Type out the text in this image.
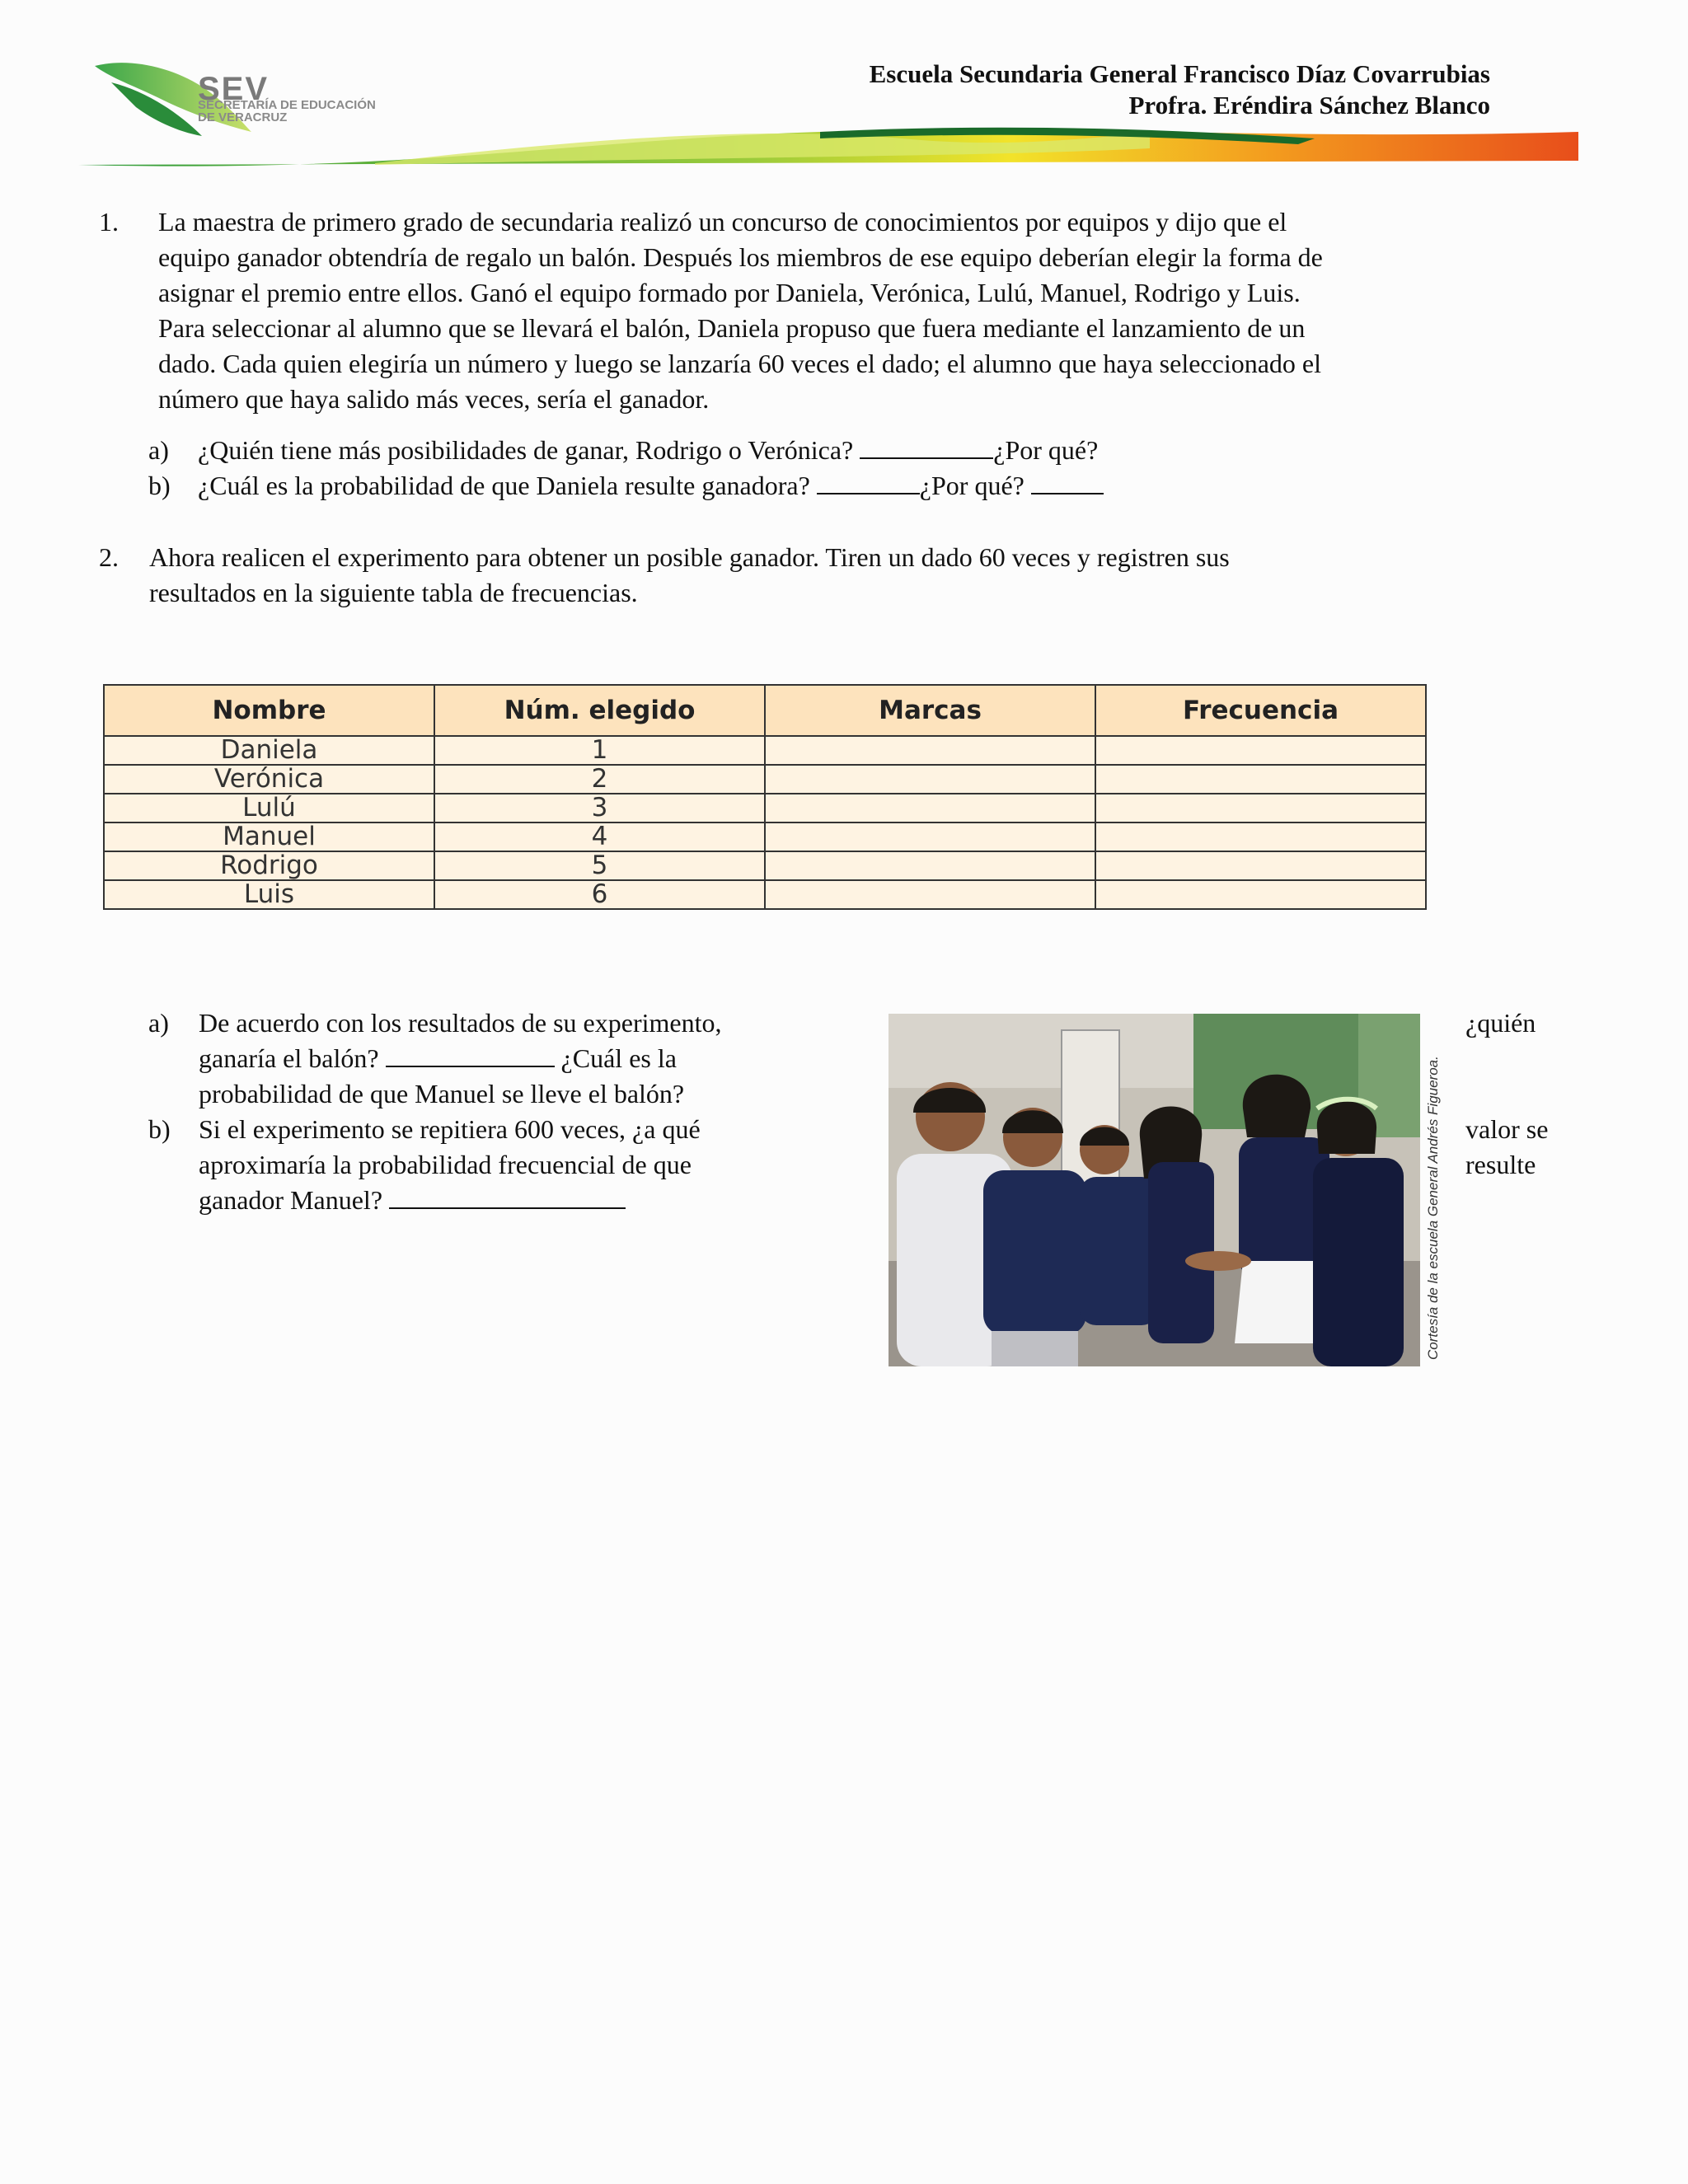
SEV
SECRETARÍA DE EDUCACIÓN
DE VERACRUZ
Escuela Secundaria General Francisco Díaz Covarrubias
Profra. Eréndira Sánchez Blanco
1. La maestra de primero grado de secundaria realizó un concurso de conocimientos por equipos y dijo que el
equipo ganador obtendría de regalo un balón. Después los miembros de ese equipo deberían elegir la forma de
asignar el premio entre ellos. Ganó el equipo formado por Daniela, Verónica, Lulú, Manuel, Rodrigo y Luis.
Para seleccionar al alumno que se llevará el balón, Daniela propuso que fuera mediante el lanzamiento de un
dado. Cada quien elegiría un número y luego se lanzaría 60 veces el dado; el alumno que haya seleccionado el
número que haya salido más veces, sería el ganador.
a) ¿Quién tiene más posibilidades de ganar, Rodrigo o Verónica?	¿Por qué?
b) ¿Cuál es la probabilidad de que Daniela resulte ganadora?	¿Por qué?
2. Ahora realicen el experimento para obtener un posible ganador. Tiren un dado 60 veces y registren sus
resultados en la siguiente tabla de frecuencias.
Nombre	Núm. elegido	Marcas	Frecuencia
Daniela	1		
Verónica	2		
Lulú	3		
Manuel	4		
Rodrigo	5		
Luis	6		
a) De acuerdo con los resultados de su experimento,
ganaría el balón?	¿Cuál es la
probabilidad de que Manuel se lleve el balón?
¿quién
b) Si el experimento se repitiera 600 veces, ¿a qué
aproximaría la probabilidad frecuencial de que
ganador Manuel?
valor se
resulte
Cortesía de la escuela General Andrés Figueroa.
